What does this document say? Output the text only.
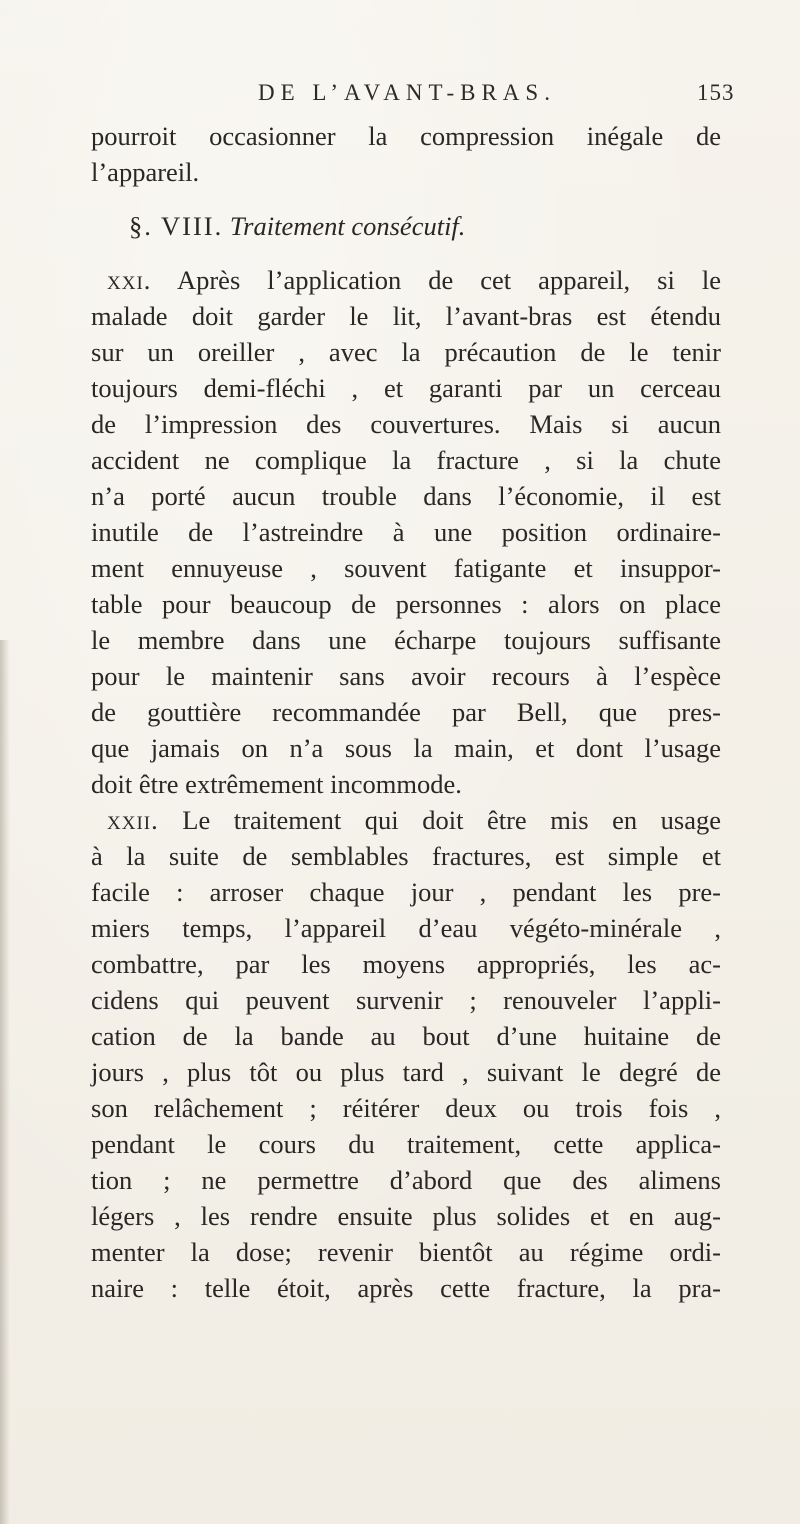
DE L’AVANT-BRAS.	153
pourroit occasionner la compression inégale de
l’appareil.
§. VIII. Traitement consécutif.
xxi. Après l’application de cet appareil, si le
malade doit garder le lit, l’avant-bras est étendu
sur un oreiller , avec la précaution de le tenir
toujours demi-fléchi , et garanti par un cerceau
de l’impression des couvertures. Mais si aucun
accident ne complique la fracture , si la chute
n’a porté aucun trouble dans l’économie, il est
inutile de l’astreindre à une position ordinaire-
ment ennuyeuse , souvent fatigante et insuppor-
table pour beaucoup de personnes : alors on place
le membre dans une écharpe toujours suffisante
pour le maintenir sans avoir recours à l’espèce
de gouttière recommandée par Bell, que pres-
que jamais on n’a sous la main, et dont l’usage
doit être extrêmement incommode.
xxii. Le traitement qui doit être mis en usage
à la suite de semblables fractures, est simple et
facile : arroser chaque jour , pendant les pre-
miers temps, l’appareil d’eau végéto-minérale ,
combattre, par les moyens appropriés, les ac-
cidens qui peuvent survenir ; renouveler l’appli-
cation de la bande au bout d’une huitaine de
jours , plus tôt ou plus tard , suivant le degré de
son relâchement ; réitérer deux ou trois fois ,
pendant le cours du traitement, cette applica-
tion ; ne permettre d’abord que des alimens
légers , les rendre ensuite plus solides et en aug-
menter la dose; revenir bientôt au régime ordi-
naire : telle étoit, après cette fracture, la pra-
